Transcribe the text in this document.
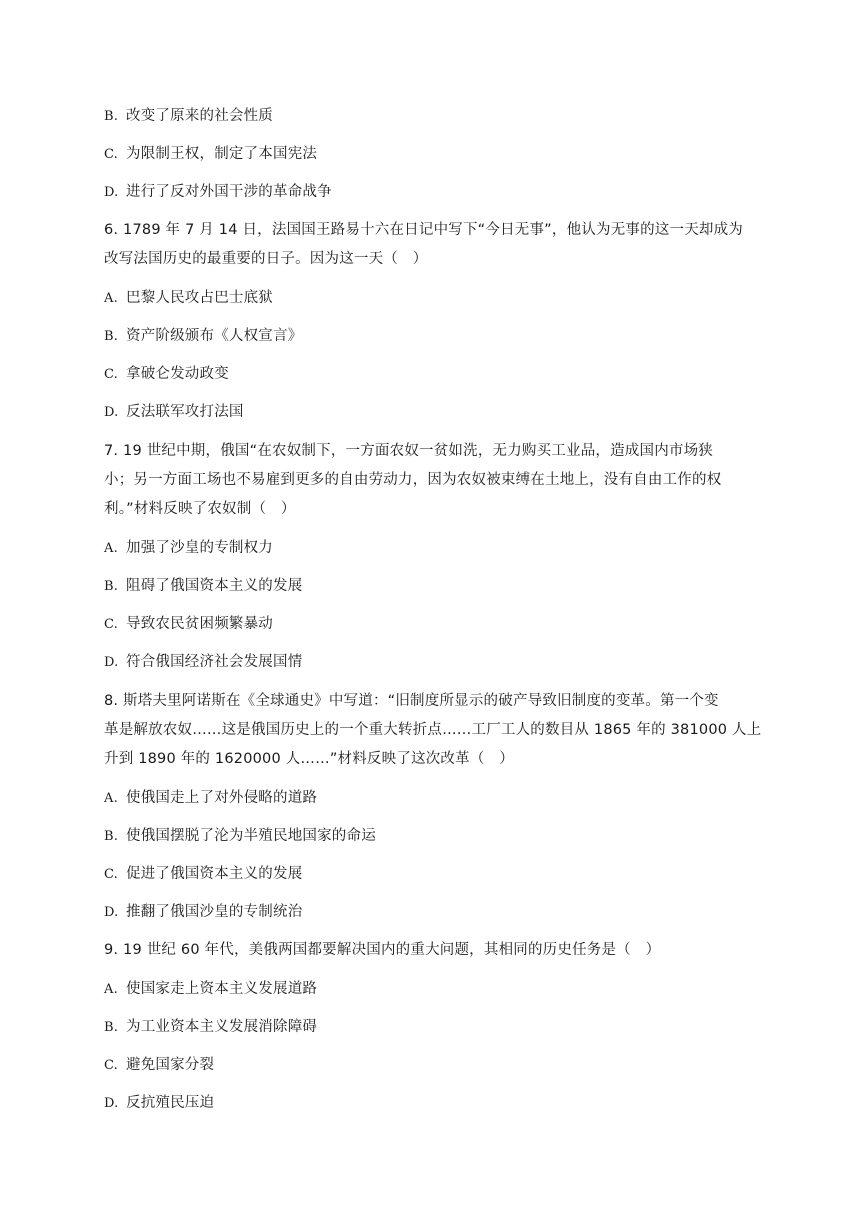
B. 改变了原来的社会性质
C. 为限制王权，制定了本国宪法
D. 进行了反对外国干涉的革命战争
6. 1789 年 7 月 14 日，法国国王路易十六在日记中写下“今日无事”，他认为无事的这一天却成为
改写法国历史的最重要的日子。因为这一天（　）
A. 巴黎人民攻占巴士底狱
B. 资产阶级颁布《人权宣言》
C. 拿破仑发动政变
D. 反法联军攻打法国
7. 19 世纪中期，俄国“在农奴制下，一方面农奴一贫如洗，无力购买工业品，造成国内市场狭
小；另一方面工场也不易雇到更多的自由劳动力，因为农奴被束缚在土地上，没有自由工作的权
利。”材料反映了农奴制（　）
A. 加强了沙皇的专制权力
B. 阻碍了俄国资本主义的发展
C. 导致农民贫困频繁暴动
D. 符合俄国经济社会发展国情
8. 斯塔夫里阿诺斯在《全球通史》中写道：“旧制度所显示的破产导致旧制度的变革。第一个变
革是解放农奴……这是俄国历史上的一个重大转折点……工厂工人的数目从 1865 年的 381000 人上
升到 1890 年的 1620000 人……”材料反映了这次改革（　）
A. 使俄国走上了对外侵略的道路
B. 使俄国摆脱了沦为半殖民地国家的命运
C. 促进了俄国资本主义的发展
D. 推翻了俄国沙皇的专制统治
9. 19 世纪 60 年代，美俄两国都要解决国内的重大问题，其相同的历史任务是（　）
A. 使国家走上资本主义发展道路
B. 为工业资本主义发展消除障碍
C. 避免国家分裂
D. 反抗殖民压迫
